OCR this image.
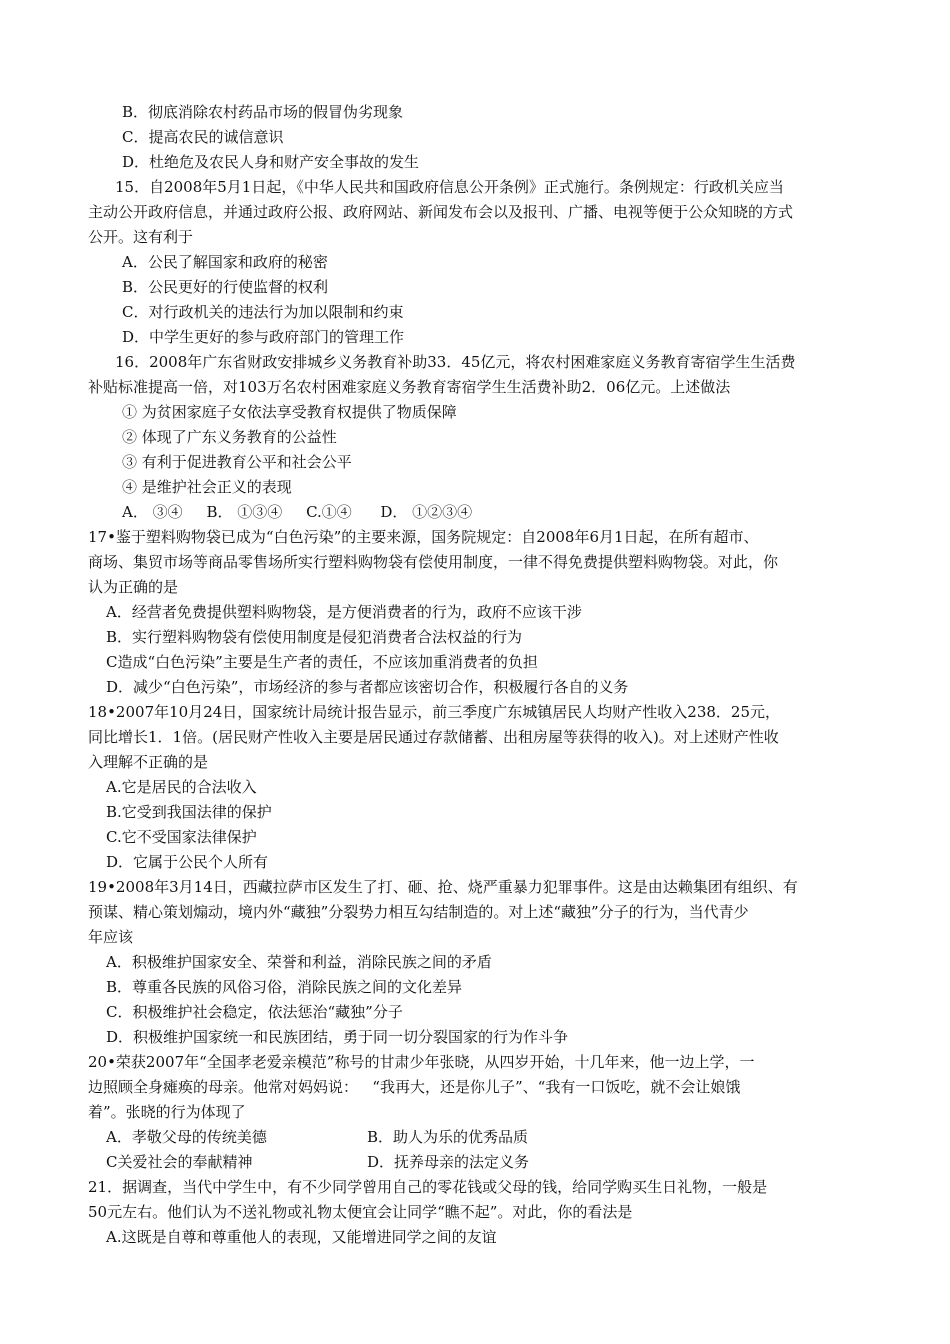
B．彻底消除农村药品市场的假冒伪劣现象
C．提高农民的诚信意识
D．杜绝危及农民人身和财产安全事故的发生
15．自2008年5月1日起，《中华人民共和国政府信息公开条例》正式施行。条例规定：行政机关应当
主动公开政府信息，并通过政府公报、政府网站、新闻发布会以及报刊、广播、电视等便于公众知晓的方式
公开。这有利于
A．公民了解国家和政府的秘密
B．公民更好的行使监督的权利
C．对行政机关的违法行为加以限制和约束
D．中学生更好的参与政府部门的管理工作
16．2008年广东省财政安排城乡义务教育补助33．45亿元，将农村困难家庭义务教育寄宿学生生活费
补贴标准提高一倍，对103万名农村困难家庭义务教育寄宿学生生活费补助2．06亿元。上述做法
① 为贫困家庭子女依法享受教育权提供了物质保障
② 体现了广东义务教育的公益性
③ 有利于促进教育公平和社会公平
④ 是维护社会正义的表现
A． ③④     B． ①③④     C.①④      D． ①②③④
17•鉴于塑料购物袋已成为“白色污染”的主要来源，国务院规定：自2008年6月1日起，在所有超市、
商场、集贸市场等商品零售场所实行塑料购物袋有偿使用制度，一律不得免费提供塑料购物袋。对此，你
认为正确的是
A．经营者免费提供塑料购物袋，是方便消费者的行为，政府不应该干涉
B．实行塑料购物袋有偿使用制度是侵犯消费者合法权益的行为
C造成“白色污染”主要是生产者的责任，不应该加重消费者的负担
D．减少“白色污染”，市场经济的参与者都应该密切合作，积极履行各自的义务
18•2007年10月24日，国家统计局统计报告显示，前三季度广东城镇居民人均财产性收入238．25元，
同比增长1．1倍。(居民财产性收入主要是居民通过存款储蓄、出租房屋等获得的收入)。对上述财产性收
入理解不正确的是
A.它是居民的合法收入
B.它受到我国法律的保护
C.它不受国家法律保护
D．它属于公民个人所有
19•2008年3月14日，西藏拉萨市区发生了打、砸、抢、烧严重暴力犯罪事件。这是由达赖集团有组织、有
预谋、精心策划煽动，境内外“藏独”分裂势力相互勾结制造的。对上述“藏独”分子的行为，当代青少
年应该
A．积极维护国家安全、荣誉和利益，消除民族之间的矛盾
B．尊重各民族的风俗习俗，消除民族之间的文化差异
C．积极维护社会稳定，依法惩治“藏独”分子
D．积极维护国家统一和民族团结，勇于同一切分裂国家的行为作斗争
20•荣获2007年“全国孝老爱亲模范”称号的甘肃少年张晓，从四岁开始，十几年来，他一边上学，一
边照顾全身瘫痪的母亲。他常对妈妈说：   “我再大，还是你儿子”、“我有一口饭吃，就不会让娘饿
着”。张晓的行为体现了
A．孝敬父母的传统美德	B．助人为乐的优秀品质
C关爱社会的奉献精神	D．抚养母亲的法定义务
21．据调查，当代中学生中，有不少同学曾用自己的零花钱或父母的钱，给同学购买生日礼物，一般是
50元左右。他们认为不送礼物或礼物太便宜会让同学“瞧不起”。对此，你的看法是
A.这既是自尊和尊重他人的表现，又能增进同学之间的友谊
